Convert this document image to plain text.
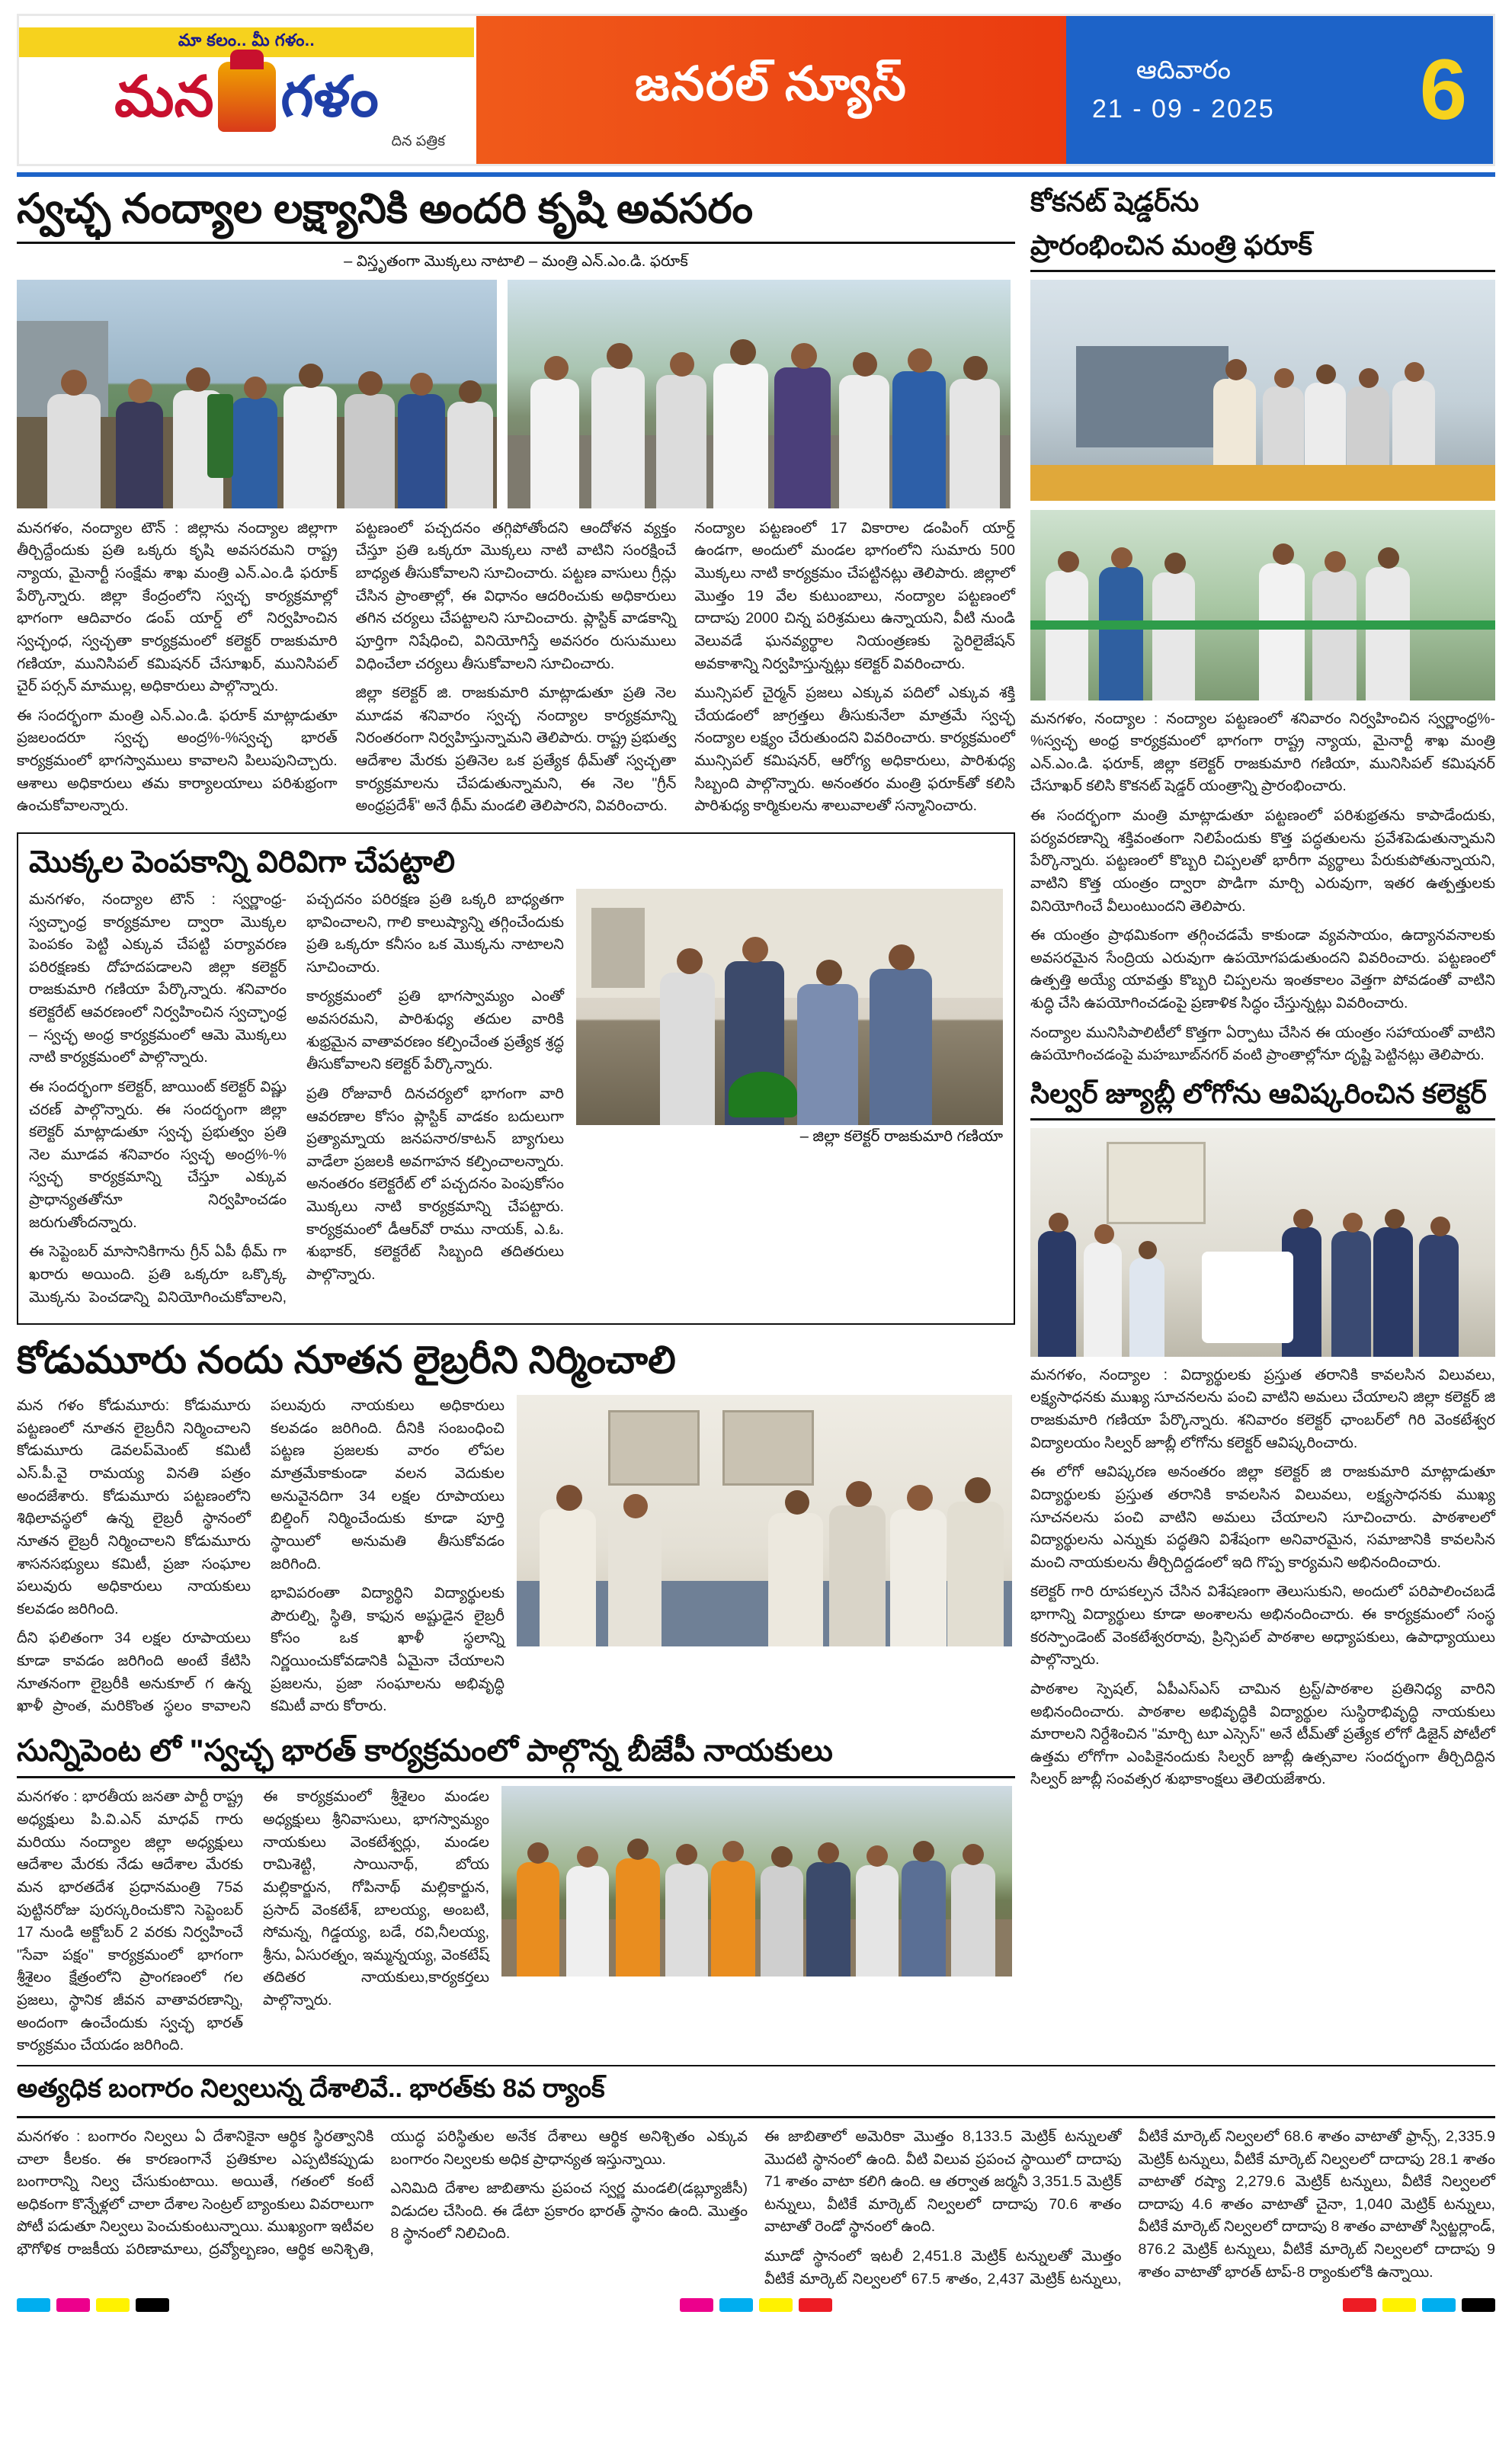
మా కలం.. మీ గళం..
మన గళం
దిన పత్రిక
జనరల్ న్యూస్	ఆదివారం
21 - 09 - 2025 6
స్వచ్ఛ నంద్యాల లక్ష్యానికి అందరి కృషి అవసరం
– విస్తృతంగా మొక్కలు నాటాలి – మంత్రి ఎన్.ఎం.డి. ఫరూక్

మనగళం, నంద్యాల టౌన్ : జిల్లాను నంద్యాల జిల్లాగా తీర్చిద్దేందుకు ప్రతి ఒక్కరు కృషి అవసరమని రాష్ట్ర న్యాయ, మైనార్టీ సంక్షేమ శాఖ మంత్రి ఎన్.ఎం.డి ఫరూక్ పేర్కొన్నారు. జిల్లా కేంద్రంలోని స్వచ్ఛ కార్యక్రమాల్లో భాగంగా ఆదివారం డంప్ యార్డ్ లో నిర్వహించిన స్వచ్ఛంధ, స్వచ్ఛతా కార్యక్రమంలో కలెక్టర్ రాజకుమారి గణియా, మునిసిపల్ కమిషనర్ చేసూఖర్, మునిసిపల్ చైర్ పర్సన్ మాముల్ల, అధికారులు పాల్గొన్నారు.

ఈ సందర్భంగా మంత్రి ఎన్.ఎం.డి. ఫరూక్ మాట్లాడుతూ ప్రజలందరూ స్వచ్ఛ అంద్ర%-%స్వచ్ఛ భారత్ కార్యక్రమంలో భాగస్వాములు కావాలని పిలుపునిచ్చారు. ఆశాలు అధికారులు తమ కార్యాలయాలు పరిశుభ్రంగా ఉంచుకోవాలన్నారు.

పట్టణంలో పచ్చదనం తగ్గిపోతోందని ఆందోళన వ్యక్తం చేస్తూ ప్రతి ఒక్కరూ మొక్కలు నాటి వాటిని సంరక్షించే బాధ్యత తీసుకోవాలని సూచించారు. పట్టణ వాసులు గ్రీన్లు చేసిన ప్రాంతాల్లో, ఈ విధానం ఆదరించుకు అధికారులు తగిన చర్యలు చేపట్టాలని సూచించారు. ప్లాస్టిక్ వాడకాన్ని పూర్తిగా నిషేధించి, వినియోగిస్తే అవసరం రుసుములు విధించేలా చర్యలు తీసుకోవాలని సూచించారు.

జిల్లా కలెక్టర్ జి. రాజకుమారి మాట్లాడుతూ ప్రతి నెల మూడవ శనివారం స్వచ్ఛ నంద్యాల కార్యక్రమాన్ని నిరంతరంగా నిర్వహిస్తున్నామని తెలిపారు. రాష్ట్ర ప్రభుత్వ ఆదేశాల మేరకు ప్రతినెల ఒక ప్రత్యేక థీమ్‌తో స్వచ్ఛతా కార్యక్రమాలను చేపడుతున్నామని, ఈ నెల "గ్రీన్ అంధ్రప్రదేశ్" అనే థీమ్ మండలి తెలిపారని, వివరించారు.

నంద్యాల పట్టణంలో 17 వికారాల డంపింగ్ యార్డ్ ఉండగా, అందులో మండల భాగంలోని సుమారు 500 మొక్కలు నాటి కార్యక్రమం చేపట్టినట్లు తెలిపారు. జిల్లాలో మొత్తం 19 వేల కుటుంబాలు, నంద్యాల పట్టణంలో దాదాపు 2000 చిన్న పరిశ్రమలు ఉన్నాయని, వీటి నుండి వెలువడే ఘనవ్యర్థాల నియంత్రణకు స్టెరిలైజేషన్ అవకాశాన్ని నిర్వహిస్తున్నట్లు కలెక్టర్ వివరించారు.

మున్సిపల్ చైర్మన్ ప్రజలు ఎక్కువ పదిలో ఎక్కువ శక్తి చేయడంలో జాగ్రత్తలు తీసుకునేలా మాత్రమే స్వచ్ఛ నంద్యాల లక్ష్యం చేరుతుందని వివరించారు. కార్యక్రమంలో మున్సిపల్ కమిషనర్, ఆరోగ్య అధికారులు, పారిశుధ్య సిబ్బంది పాల్గొన్నారు. అనంతరం మంత్రి ఫరూక్‌తో కలిసి పారిశుధ్య కార్మికులను శాలువాలతో సన్మానించారు.

మొక్కల పెంపకాన్ని విరివిగా చేపట్టాలి

మనగళం, నంద్యాల టౌన్ : స్వర్ణాంధ్ర-స్వచ్ఛాంధ్ర కార్యక్రమాల ద్వారా మొక్కల పెంపకం పెట్టి ఎక్కువ చేపట్టి పర్యావరణ పరిరక్షణకు దోహదపడాలని జిల్లా కలెక్టర్ రాజకుమారి గణియా పేర్కొన్నారు. శనివారం కలెక్టరేట్ ఆవరణంలో నిర్వహించిన స్వచ్ఛాంధ్ర – స్వచ్ఛ అంధ్ర కార్యక్రమంలో ఆమె మొక్కలు నాటి కార్యక్రమంలో పాల్గొన్నారు.

ఈ సందర్భంగా కలెక్టర్, జాయింట్ కలెక్టర్ విష్ణు చరణ్ పాల్గొన్నారు. ఈ సందర్భంగా జిల్లా కలెక్టర్ మాట్లాడుతూ స్వచ్ఛ ప్రభుత్వం ప్రతి నెల మూడవ శనివారం స్వచ్ఛ అంద్ర%-% స్వచ్ఛ కార్యక్రమాన్ని చేస్తూ ఎక్కువ ప్రాధాన్యతతోనూ నిర్వహించడం జరుగుతోందన్నారు.

ఈ సెప్టెంబర్ మాసానికిగాను గ్రీన్ ఏపీ థీమ్ గా ఖరారు అయింది. ప్రతి ఒక్కరూ ఒక్కొక్క మొక్కను పెంచడాన్ని వినియోగించుకోవాలని, పచ్చదనం పరిరక్షణ ప్రతి ఒక్కరి బాధ్యతగా భావించాలని, గాలి కాలుష్యాన్ని తగ్గించేందుకు ప్రతి ఒక్కరూ కనీసం ఒక మొక్కను నాటాలని సూచించారు.

కార్యక్రమంలో ప్రతి భాగస్వామ్యం ఎంతో అవసరమని, పారిశుధ్య తదుల వారికి శుభ్రమైన వాతావరణం కల్పించేంత ప్రత్యేక శ్రద్ధ తీసుకోవాలని కలెక్టర్ పేర్కొన్నారు.

ప్రతి రోజువారీ దినచర్యలో భాగంగా వారి ఆవరణాల కోసం ప్లాస్టిక్ వాడకం బదులుగా ప్రత్యామ్నాయ జనపనార/కాటన్ బ్యాగులు వాడేలా ప్రజలకి అవగాహన కల్పించాలన్నారు. అనంతరం కలెక్టరేట్ లో పచ్చదనం పెంపుకోసం మొక్కలు నాటి కార్యక్రమాన్ని చేపట్టారు. కార్యక్రమంలో డీఆర్‌వో రాము నాయక్, ఎ.ఓ. శుభాకర్, కలెక్టరేట్ సిబ్బంది తదితరులు పాల్గొన్నారు.

– జిల్లా కలెక్టర్ రాజకుమారి గణియా

కోడుమూరు నందు నూతన లైబ్రరీని నిర్మించాలి

మన గళం కోడుమూరు: కోడుమూరు పట్టణంలో నూతన లైబ్రరీని నిర్మించాలని కోడుమూరు డెవలప్‌మెంట్ కమిటీ ఎస్.పీ.వై రామయ్య వినతి పత్రం అందజేశారు. కోడుమూరు పట్టణంలోని శిథిలావస్థలో ఉన్న లైబ్రరీ స్థానంలో నూతన లైబ్రరీ నిర్మించాలని కోడుమూరు శాసనసభ్యులు కమిటీ, ప్రజా సంఘాల పలువురు అధికారులు నాయకులు కలవడం జరిగింది.

దీని ఫలితంగా 34 లక్షల రూపాయలు కూడా కావడం జరిగింది అంటే కేటిసి నూతనంగా లైబ్రరీకి అనుకూల్ గ ఉన్న ఖాళీ ప్రాంత, మరికొంత స్థలం కావాలని పలువురు నాయకులు అధికారులు కలవడం జరిగింది. దీనికి సంబంధించి పట్టణ ప్రజలకు వారం లోపల మాత్రమేకాకుండా వలన వెదుకుల అనువైనదిగా 34 లక్షల రూపాయలు బిల్డింగ్ నిర్మించేందుకు కూడా పూర్తి స్థాయిలో అనుమతి తీసుకోవడం జరిగింది.

భావిపరంతా విద్యార్థిని విద్యార్థులకు పౌరుల్ని, స్థితి, కాఫున అష్టుడైన లైబ్రరీ కోసం ఒక ఖాళీ స్థలాన్ని నిర్ణయించుకోవడానికి ఏమైనా చేయాలని ప్రజలను, ప్రజా సంఘాలను అభివృద్ధి కమిటీ వారు కోరారు.

సున్నిపెంట లో "స్వచ్ఛ భారత్ కార్యక్రమంలో పాల్గొన్న బీజేపీ నాయకులు

మనగళం : భారతీయ జనతా పార్టీ రాష్ట్ర అధ్యక్షులు పి.వి.ఎన్ మాధవ్ గారు మరియు నంద్యాల జిల్లా అధ్యక్షులు ఆదేశాల మేరకు నేడు ఆదేశాల మేరకు మన భారతదేశ ప్రధానమంత్రి 75వ పుట్టినరోజు పురస్కరించుకొని సెప్టెంబర్ 17 నుండి అక్టోబర్ 2 వరకు నిర్వహించే "సేవా పక్షం" కార్యక్రమంలో భాగంగా శ్రీశైలం క్షేత్రంలోని ప్రాంగణంలో గల ప్రజలు, స్థానిక జీవన వాతావరణాన్ని, అందంగా ఉంచేందుకు స్వచ్ఛ భారత్ కార్యక్రమం చేయడం జరిగింది.

ఈ కార్యక్రమంలో శ్రీశైలం మండల అధ్యక్షులు శ్రీనివాసులు, భాగస్వామ్యం నాయకులు వెంకటేశ్వర్లు, మండల రామిశెట్టి, సాయినాథ్, బోయ మల్లికార్జున, గోపినాథ్ మల్లికార్జున, ప్రసాద్ వెంకటేశ్, బాలయ్య, అంబటి, సోమన్న, గిడ్డయ్య, బడే, రవి,నీలయ్య, శ్రీను, ఏసురత్నం, ఇమ్మన్నయ్య, వెంకటేష్ తదితర నాయకులు,కార్యకర్తలు పాల్గొన్నారు.

కోకనట్ షెడ్డర్‌ను
ప్రారంభించిన మంత్రి ఫరూక్

మనగళం, నంద్యాల : నంద్యాల పట్టణంలో శనివారం నిర్వహించిన స్వర్ణాంధ్ర%-%స్వచ్ఛ అంధ్ర కార్యక్రమంలో భాగంగా రాష్ట్ర న్యాయ, మైనార్టీ శాఖ మంత్రి ఎన్.ఎం.డి. ఫరూక్, జిల్లా కలెక్టర్ రాజకుమారి గణియా, మునిసిపల్ కమిషనర్ చేసూఖర్ కలిసి కొకనట్ షెడ్డర్ యంత్రాన్ని ప్రారంభించారు.

ఈ సందర్భంగా మంత్రి మాట్లాడుతూ పట్టణంలో పరిశుభ్రతను కాపాడేందుకు, పర్యవరణాన్ని శక్తివంతంగా నిలిపేందుకు కొత్త పద్ధతులను ప్రవేశపెడుతున్నామని పేర్కొన్నారు. పట్టణంలో కొబ్బరి చిప్పలతో భారీగా వ్యర్థాలు పేరుకుపోతున్నాయని, వాటిని కొత్త యంత్రం ద్వారా పొడిగా మార్చి ఎరువుగా, ఇతర ఉత్పత్తులకు వినియోగించే వీలుంటుందని తెలిపారు.

ఈ యంత్రం ప్రాథమికంగా తగ్గించడమే కాకుండా వ్యవసాయం, ఉద్యానవనాలకు అవసరమైన సేంద్రియ ఎరువుగా ఉపయోగపడుతుందని వివరించారు. పట్టణంలో ఉత్పత్తి అయ్యే యావత్తు కొబ్బరి చిప్పలను ఇంతకాలం వెత్తగా పోవడంతో వాటిని శుద్ధి చేసి ఉపయోగించడంపై ప్రణాళిక సిద్ధం చేస్తున్నట్లు వివరించారు.

నంద్యాల మునిసిపాలిటీలో కొత్తగా ఏర్పాటు చేసిన ఈ యంత్రం సహాయంతో వాటిని ఉపయోగించడంపై మహబూబ్‌నగర్ వంటి ప్రాంతాల్లోనూ దృష్టి పెట్టినట్లు తెలిపారు.

సిల్వర్ జ్యూబ్లీ లోగోను ఆవిష్కరించిన కలెక్టర్

మనగళం, నంద్యాల : విద్యార్థులకు ప్రస్తుత తరానికి కావలసిన విలువలు, లక్ష్యసాధనకు ముఖ్య సూచనలను పంచి వాటిని అమలు చేయాలని జిల్లా కలెక్టర్ జి రాజకుమారి గణియా పేర్కొన్నారు. శనివారం కలెక్టర్ ఛాంబర్‌లో గిరి వెంకటేశ్వర విద్యాలయం సిల్వర్ జూబ్లీ లోగోను కలెక్టర్ ఆవిష్కరించారు.

ఈ లోగో ఆవిష్కరణ అనంతరం జిల్లా కలెక్టర్ జి రాజకుమారి మాట్లాడుతూ విద్యార్థులకు ప్రస్తుత తరానికి కావలసిన విలువలు, లక్ష్యసాధనకు ముఖ్య సూచనలను పంచి వాటిని అమలు చేయాలని సూచించారు. పాఠశాలలో విద్యార్థులను ఎన్నుకు పద్ధతిని విశేషంగా అనివారమైన, సమాజానికి కావలసిన మంచి నాయకులను తీర్చిదిద్దడంలో ఇది గొప్ప కార్యమని అభినందించారు.

కలెక్టర్ గారి రూపకల్పన చేసిన విశేషణంగా తెలుసుకుని, అందులో పరిపాలించబడే భాగాన్ని విద్యార్థులు కూడా అంశాలను అభినందించారు. ఈ కార్యక్రమంలో సంస్థ కరస్పాండెంట్ వెంకటేశ్వరరావు, ప్రిన్సిపల్ పాఠశాల అధ్యాపకులు, ఉపాధ్యాయులు పాల్గొన్నారు.

పాఠశాల స్పెషల్, ఏపీఎస్ఎస్ చామిన ట్రస్ట్/పాఠశాల ప్రతినిధ్య వారిని అభినందించారు. పాఠశాల అభివృద్ధికి విద్యార్థుల సుస్థిరాభివృద్ధి నాయకులు మారాలని నిర్దేశించిన "మార్చి టూ ఎస్సెస్" అనే టీమ్‌తో ప్రత్యేక లోగో డిజైన్ పోటీలో ఉత్తమ లోగోగా ఎంపికైనందుకు సిల్వర్ జూబ్లీ ఉత్సవాల సందర్భంగా తీర్చిదిద్దిన సిల్వర్ జూబ్లీ సంవత్సర శుభాకాంక్షలు తెలియజేశారు.

అత్యధిక బంగారం నిల్వలున్న దేశాలివే.. భారత్‌కు 8వ ర్యాంక్

మనగళం : బంగారం నిల్వలు ఏ దేశానికైనా ఆర్థిక స్థిరత్వానికి చాలా కీలకం. ఈ కారణంగానే ప్రతికూల ఎప్పటికప్పుడు బంగారాన్ని నిల్వ చేసుకుంటాయి. అయితే, గతంలో కంటే అధికంగా కొన్నేళ్లలో చాలా దేశాల సెంట్రల్ బ్యాంకులు వివరాలుగా పోటీ పడుతూ నిల్వలు పెంచుకుంటున్నాయి. ముఖ్యంగా ఇటీవల భౌగోళిక రాజకీయ పరిణామాలు, ద్రవ్యోల్బణం, ఆర్థిక అనిశ్చితి, యుద్ధ పరిస్థితుల అనేక దేశాలు ఆర్థిక అనిశ్చితం ఎక్కువ బంగారం నిల్వలకు అధిక ప్రాధాన్యత ఇస్తున్నాయి.

ఎనిమిది దేశాల జాబితాను ప్రపంచ స్వర్ణ మండలి(డబ్ల్యూజీసీ) విడుదల చేసింది. ఈ డేటా ప్రకారం భారత్ స్థానం ఉంది. మొత్తం 8 స్థానంలో నిలిచింది.

ఈ జాబితాలో అమెరికా మొత్తం 8,133.5 మెట్రిక్ టన్నులతో మొదటి స్థానంలో ఉంది. వీటి విలువ ప్రపంచ స్థాయిలో దాదాపు 71 శాతం వాటా కలిగి ఉంది. ఆ తర్వాత జర్మనీ 3,351.5 మెట్రిక్ టన్నులు, వీటికే మార్కెట్ నిల్వలలో దాదాపు 70.6 శాతం వాటాతో రెండో స్థానంలో ఉంది.

మూడో స్థానంలో ఇటలీ 2,451.8 మెట్రిక్ టన్నులతో మొత్తం వీటికే మార్కెట్ నిల్వలలో 67.5 శాతం, 2,437 మెట్రిక్ టన్నులు, వీటికే మార్కెట్ నిల్వలలో 68.6 శాతం వాటాతో ఫ్రాన్స్, 2,335.9 మెట్రిక్ టన్నులు, వీటికే మార్కెట్ నిల్వలలో దాదాపు 28.1 శాతం వాటాతో రష్యా 2,279.6 మెట్రిక్ టన్నులు, వీటికే నిల్వలలో దాదాపు 4.6 శాతం వాటాతో చైనా, 1,040 మెట్రిక్ టన్నులు, వీటికే మార్కెట్ నిల్వలలో దాదాపు 8 శాతం వాటాతో స్విట్జర్లాండ్, 876.2 మెట్రిక్ టన్నులు, వీటికే మార్కెట్ నిల్వలలో దాదాపు 9 శాతం వాటాతో భారత్ టాప్-8 ర్యాంకులోకి ఉన్నాయి.
